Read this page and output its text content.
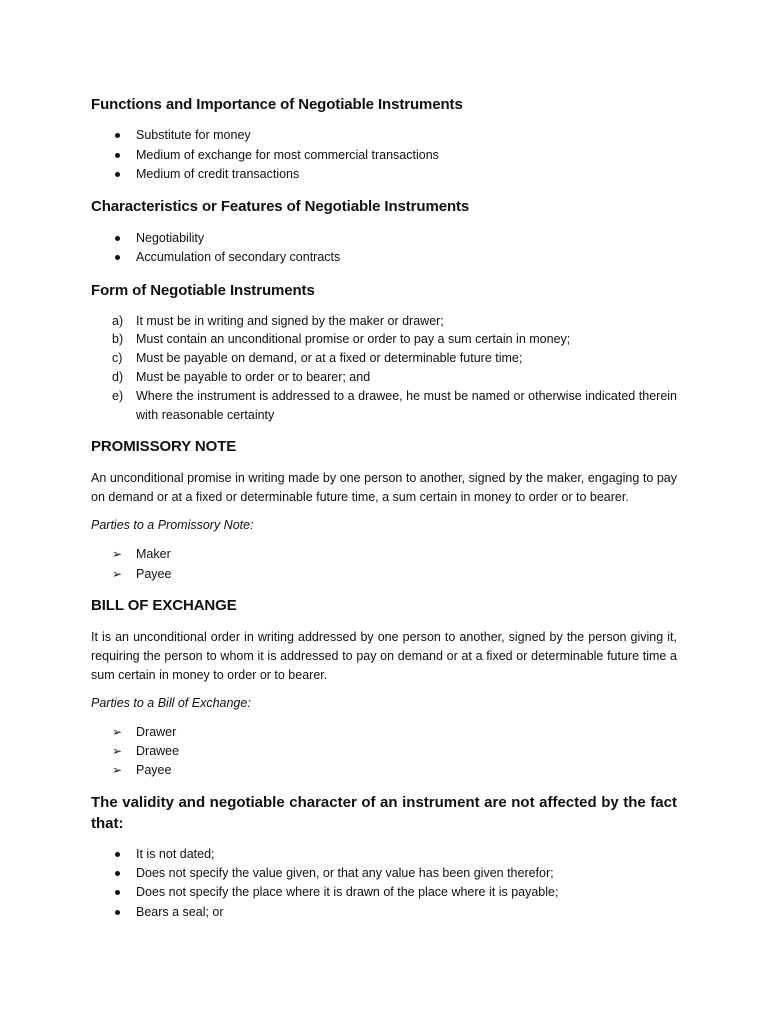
Functions and Importance of Negotiable Instruments
Substitute for money
Medium of exchange for most commercial transactions
Medium of credit transactions
Characteristics or Features of Negotiable Instruments
Negotiability
Accumulation of secondary contracts
Form of Negotiable Instruments
a)	It must be in writing and signed by the maker or drawer;
b)	Must contain an unconditional promise or order to pay a sum certain in money;
c)	Must be payable on demand, or at a fixed or determinable future time;
d)	Must be payable to order or to bearer; and
e)	Where the instrument is addressed to a drawee, he must be named or otherwise indicated therein with reasonable certainty
PROMISSORY NOTE
An unconditional promise in writing made by one person to another, signed by the maker, engaging to pay on demand or at a fixed or determinable future time, a sum certain in money to order or to bearer.
Parties to a Promissory Note:
➢ Maker
➢ Payee
BILL OF EXCHANGE
It is an unconditional order in writing addressed by one person to another, signed by the person giving it, requiring the person to whom it is addressed to pay on demand or at a fixed or determinable future time a sum certain in money to order or to bearer.
Parties to a Bill of Exchange:
➢ Drawer
➢ Drawee
➢ Payee
The validity and negotiable character of an instrument are not affected by the fact that:
It is not dated;
Does not specify the value given, or that any value has been given therefor;
Does not specify the place where it is drawn of the place where it is payable;
Bears a seal; or
